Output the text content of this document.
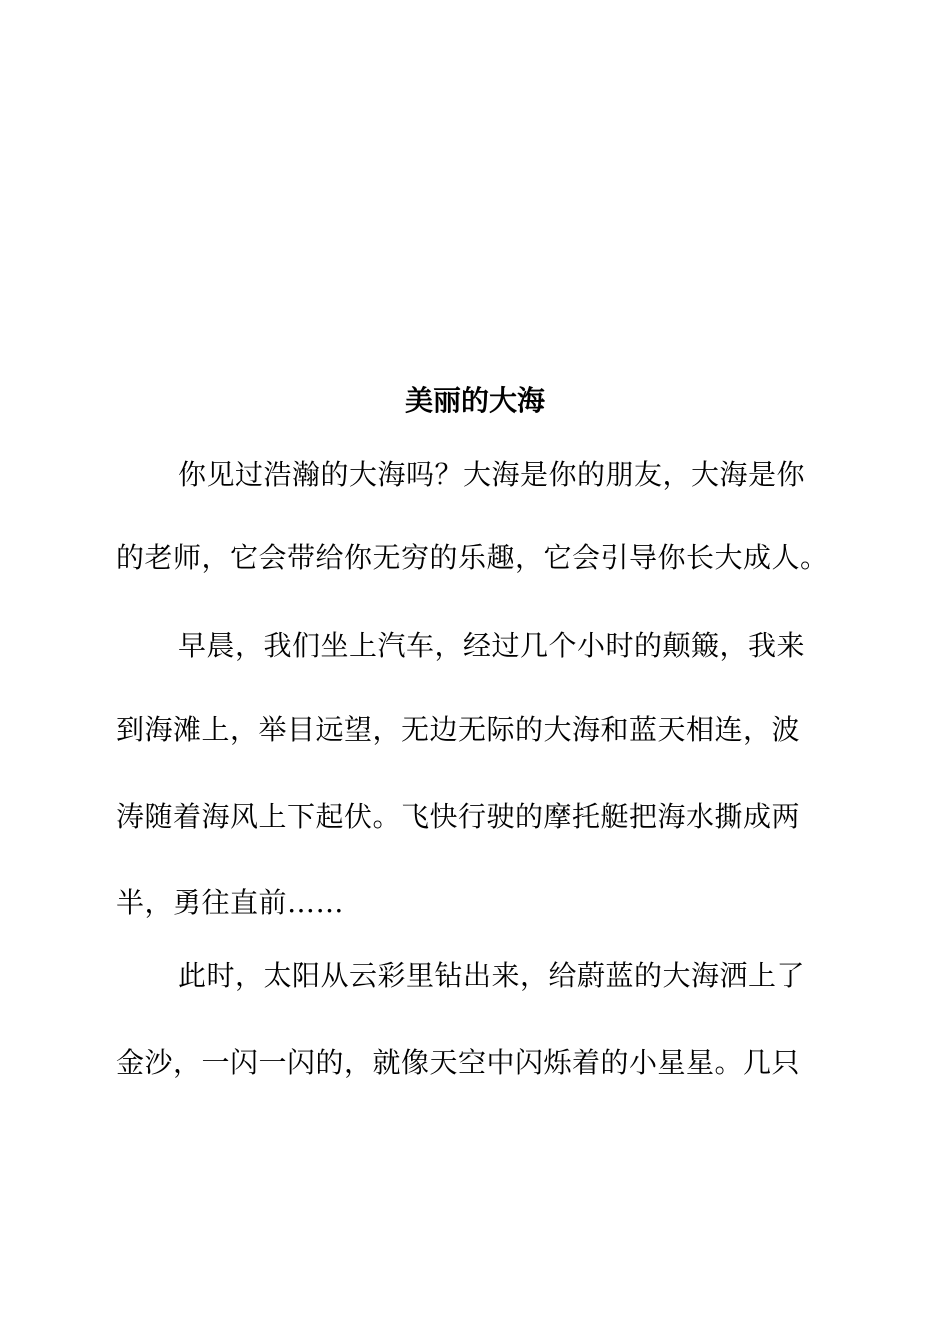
美丽的大海

你见过浩瀚的大海吗？大海是你的朋友，大海是你

的老师，它会带给你无穷的乐趣，它会引导你长大成人。

早晨，我们坐上汽车，经过几个小时的颠簸，我来

到海滩上，举目远望，无边无际的大海和蓝天相连，波

涛随着海风上下起伏。飞快行驶的摩托艇把海水撕成两

半，勇往直前……

此时，太阳从云彩里钻出来，给蔚蓝的大海洒上了

金沙，一闪一闪的，就像天空中闪烁着的小星星。几只
